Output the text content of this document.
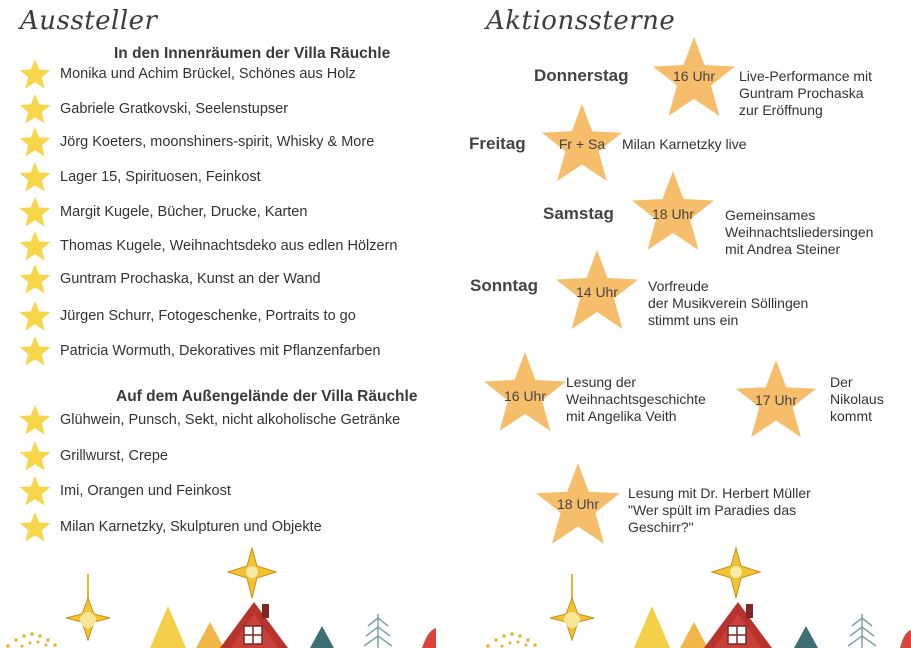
Aussteller
In den Innenräumen der Villa Räuchle
Monika und Achim Brückel, Schönes aus Holz
Gabriele Gratkovski, Seelenstupser
Jörg Koeters, moonshiners-spirit, Whisky & More
Lager 15, Spirituosen, Feinkost
Margit Kugele, Bücher, Drucke, Karten
Thomas Kugele, Weihnachtsdeko aus edlen Hölzern
Guntram Prochaska, Kunst an der Wand
Jürgen Schurr, Fotogeschenke, Portraits to go
Patricia Wormuth, Dekoratives mit Pflanzenfarben
Auf dem Außengelände der Villa Räuchle
Glühwein, Punsch, Sekt, nicht alkoholische Getränke
Grillwurst, Crepe
Imi, Orangen und Feinkost
Milan Karnetzky, Skulpturen und Objekte
Aktionssterne
Donnerstag	16 Uhr	Live-Performance mit
Guntram Prochaska
zur Eröffnung
Freitag	Fr + Sa	Milan Karnetzky live
Samstag	18 Uhr	Gemeinsames
Weihnachtsliedersingen
mit Andrea Steiner
Sonntag	14 Uhr	Vorfreude
der Musikverein Söllingen
stimmt uns ein
16 Uhr
Lesung der
Weihnachtsgeschichte
mit Angelika Veith
17 Uhr
Der
Nikolaus
kommt
18 Uhr
Lesung mit Dr. Herbert Müller
"Wer spült im Paradies das
Geschirr?"
